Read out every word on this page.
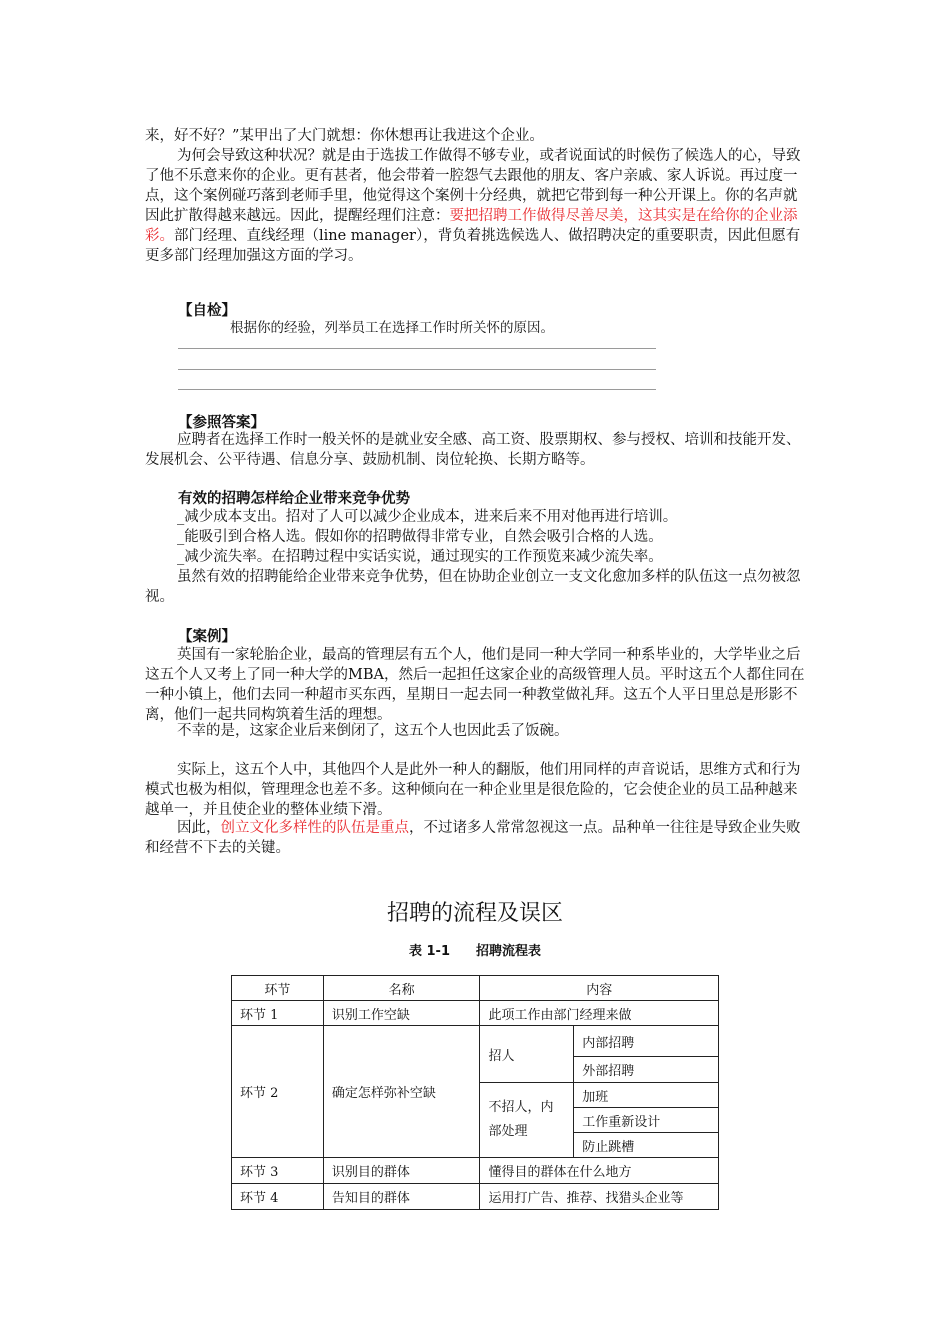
来，好不好？”某甲出了大门就想：你休想再让我进这个企业。
为何会导致这种状况？就是由于选拔工作做得不够专业，或者说面试的时候伤了候选人的心，导致了他不乐意来你的企业。更有甚者，他会带着一腔怨气去跟他的朋友、客户亲戚、家人诉说。再过度一点，这个案例碰巧落到老师手里，他觉得这个案例十分经典，就把它带到每一种公开课上。你的名声就因此扩散得越来越远。因此，提醒经理们注意：要把招聘工作做得尽善尽美，这其实是在给你的企业添彩。部门经理、直线经理（line manager），背负着挑选候选人、做招聘决定的重要职责，因此但愿有更多部门经理加强这方面的学习。
【自检】
根据你的经验，列举员工在选择工作时所关怀的原因。
【参照答案】
应聘者在选择工作时一般关怀的是就业安全感、高工资、股票期权、参与授权、培训和技能开发、发展机会、公平待遇、信息分享、鼓励机制、岗位轮换、长期方略等。
有效的招聘怎样给企业带来竞争优势
_减少成本支出。招对了人可以减少企业成本，进来后来不用对他再进行培训。
_能吸引到合格人选。假如你的招聘做得非常专业，自然会吸引合格的人选。
_减少流失率。在招聘过程中实话实说，通过现实的工作预览来减少流失率。
虽然有效的招聘能给企业带来竞争优势，但在协助企业创立一支文化愈加多样的队伍这一点勿被忽视。
【案例】
英国有一家轮胎企业，最高的管理层有五个人，他们是同一种大学同一种系毕业的，大学毕业之后这五个人又考上了同一种大学的MBA，然后一起担任这家企业的高级管理人员。平时这五个人都住同在一种小镇上，他们去同一种超市买东西，星期日一起去同一种教堂做礼拜。这五个人平日里总是形影不离，他们一起共同构筑着生活的理想。
不幸的是，这家企业后来倒闭了，这五个人也因此丢了饭碗。
实际上，这五个人中，其他四个人是此外一种人的翻版，他们用同样的声音说话，思维方式和行为模式也极为相似，管理理念也差不多。这种倾向在一种企业里是很危险的，它会使企业的员工品种越来越单一，并且使企业的整体业绩下滑。
因此，创立文化多样性的队伍是重点，不过诸多人常常忽视这一点。品种单一往往是导致企业失败和经营不下去的关键。
招聘的流程及误区
表 1-1　　招聘流程表
环节	名称	内容	
环节 1	识别工作空缺	此项工作由部门经理来做	
环节 2	确定怎样弥补空缺	招人	内部招聘
			外部招聘
		不招人，内部处理	加班
			工作重新设计
			防止跳槽
环节 3	识别目的群体	懂得目的群体在什么地方	
环节 4	告知目的群体	运用打广告、推荐、找猎头企业等	
